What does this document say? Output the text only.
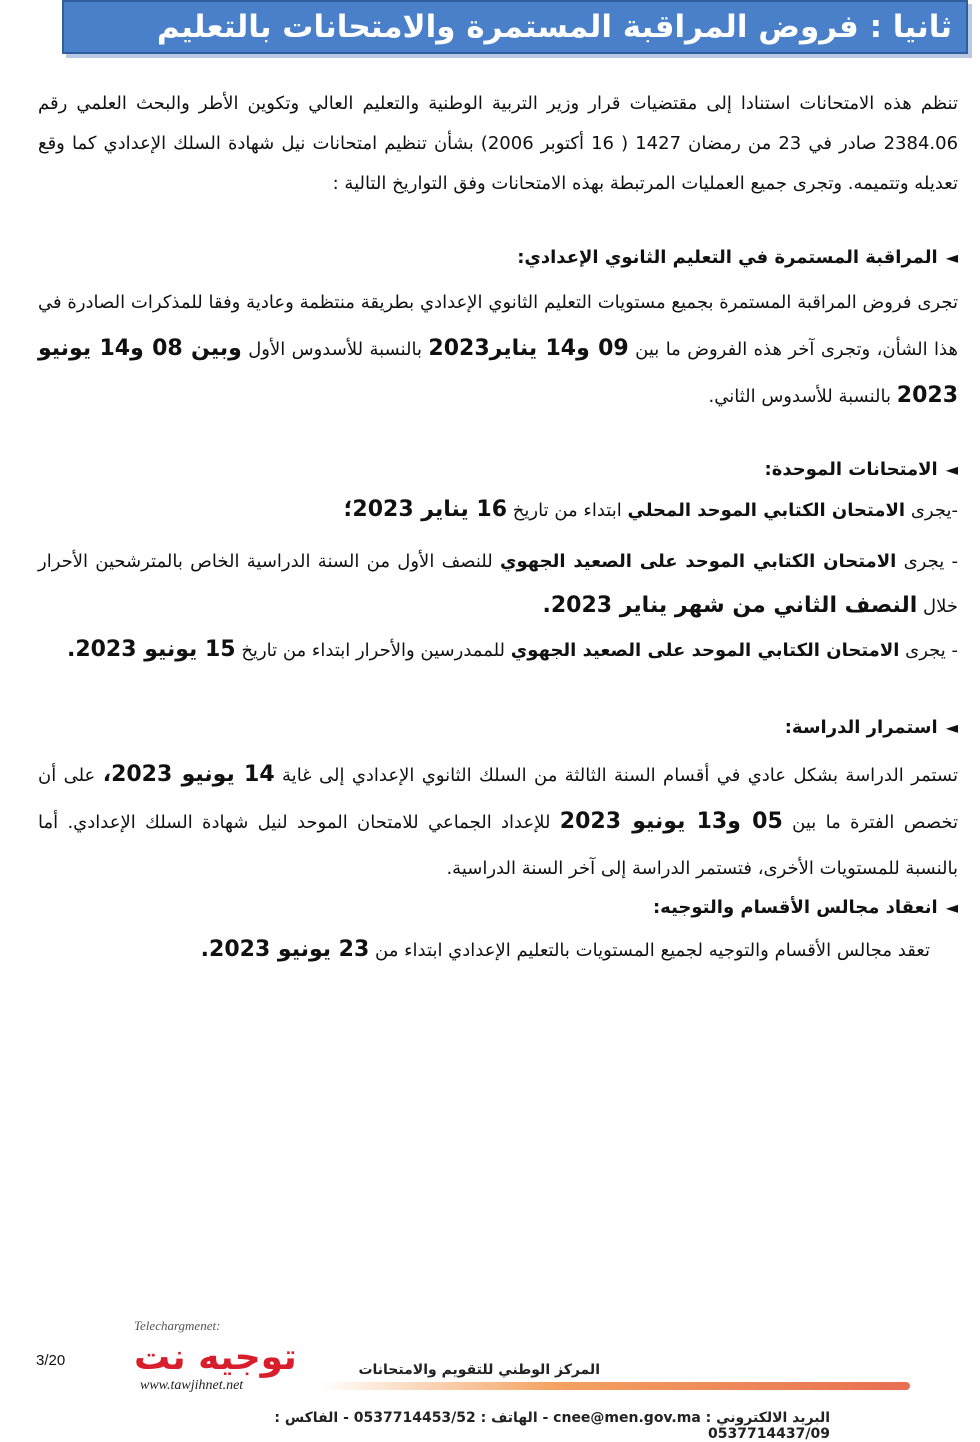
ثانيا : فروض المراقبة المستمرة والامتحانات بالتعليم الثانوي الإعدادي

تنظم هذه الامتحانات استنادا إلى مقتضيات قرار وزير التربية الوطنية والتعليم العالي وتكوين الأطر والبحث العلمي رقم 2384.06 صادر في 23 من رمضان 1427 ( 16 أكتوبر 2006) بشأن تنظيم امتحانات نيل شهادة السلك الإعدادي كما وقع تعديله وتتميمه. وتجرى جميع العمليات المرتبطة بهذه الامتحانات وفق التواريخ التالية :

◄المراقبة المستمرة في التعليم الثانوي الإعدادي:

تجرى فروض المراقبة المستمرة بجميع مستويات التعليم الثانوي الإعدادي بطريقة منتظمة وعادية وفقا للمذكرات الصادرة في هذا الشأن، وتجرى آخر هذه الفروض ما بين 09 و14 يناير2023 بالنسبة للأسدوس الأول وبين 08 و14 يونيو 2023 بالنسبة للأسدوس الثاني.

◄الامتحانات الموحدة:

-يجرى الامتحان الكتابي الموحد المحلي ابتداء من تاريخ 16 يناير 2023؛

- يجرى الامتحان الكتابي الموحد على الصعيد الجهوي للنصف الأول من السنة الدراسية الخاص بالمترشحين الأحرار خلال النصف الثاني من شهر يناير 2023.

- يجرى الامتحان الكتابي الموحد على الصعيد الجهوي للممدرسين والأحرار ابتداء من تاريخ 15 يونيو 2023.

◄استمرار الدراسة:

تستمر الدراسة بشكل عادي في أقسام السنة الثالثة من السلك الثانوي الإعدادي إلى غاية 14 يونيو 2023، على أن تخصص الفترة ما بين 05 و13 يونيو 2023 للإعداد الجماعي للامتحان الموحد لنيل شهادة السلك الإعدادي. أما بالنسبة للمستويات الأخرى، فتستمر الدراسة إلى آخر السنة الدراسية.

◄انعقاد مجالس الأقسام والتوجيه:

تعقد مجالس الأقسام والتوجيه لجميع المستويات بالتعليم الإعدادي ابتداء من 23 يونيو 2023.

3/20
Telechargmenet:
توجيه نت
www.tawjihnet.net
المركز الوطني للتقويم والامتحانات
البريد الالكتروني : cnee@men.gov.ma - الهاتف : 0537714453/52 - الفاكس : 0537714437/09
